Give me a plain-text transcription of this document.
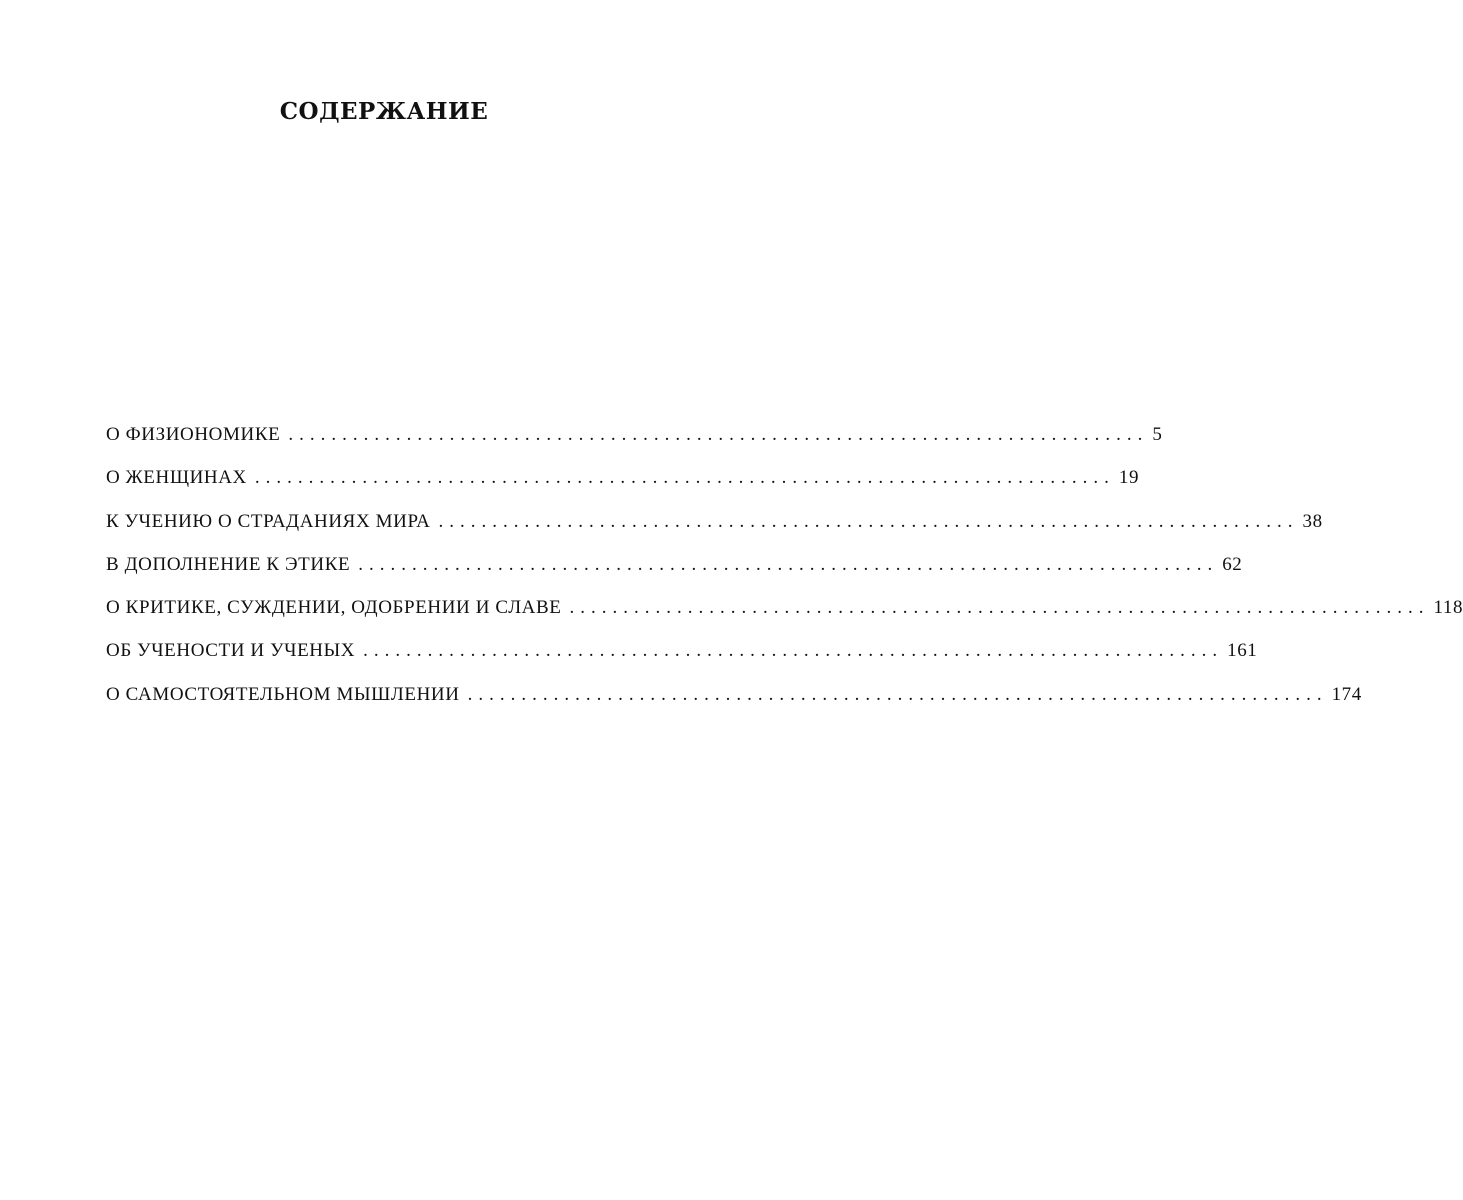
СОДЕРЖАНИЕ
О ФИЗИОНОМИКЕ ................................................................................ 5
О ЖЕНЩИНАХ ................................................................................ 19
К УЧЕНИЮ О СТРАДАНИЯХ МИРА ................................................................................ 38
В ДОПОЛНЕНИЕ К ЭТИКЕ ................................................................................ 62
О КРИТИКЕ, СУЖДЕНИИ, ОДОБРЕНИИ И СЛАВЕ ................................................................................ 118
ОБ УЧЕНОСТИ И УЧЕНЫХ ................................................................................ 161
О САМОСТОЯТЕЛЬНОМ МЫШЛЕНИИ ................................................................................ 174
